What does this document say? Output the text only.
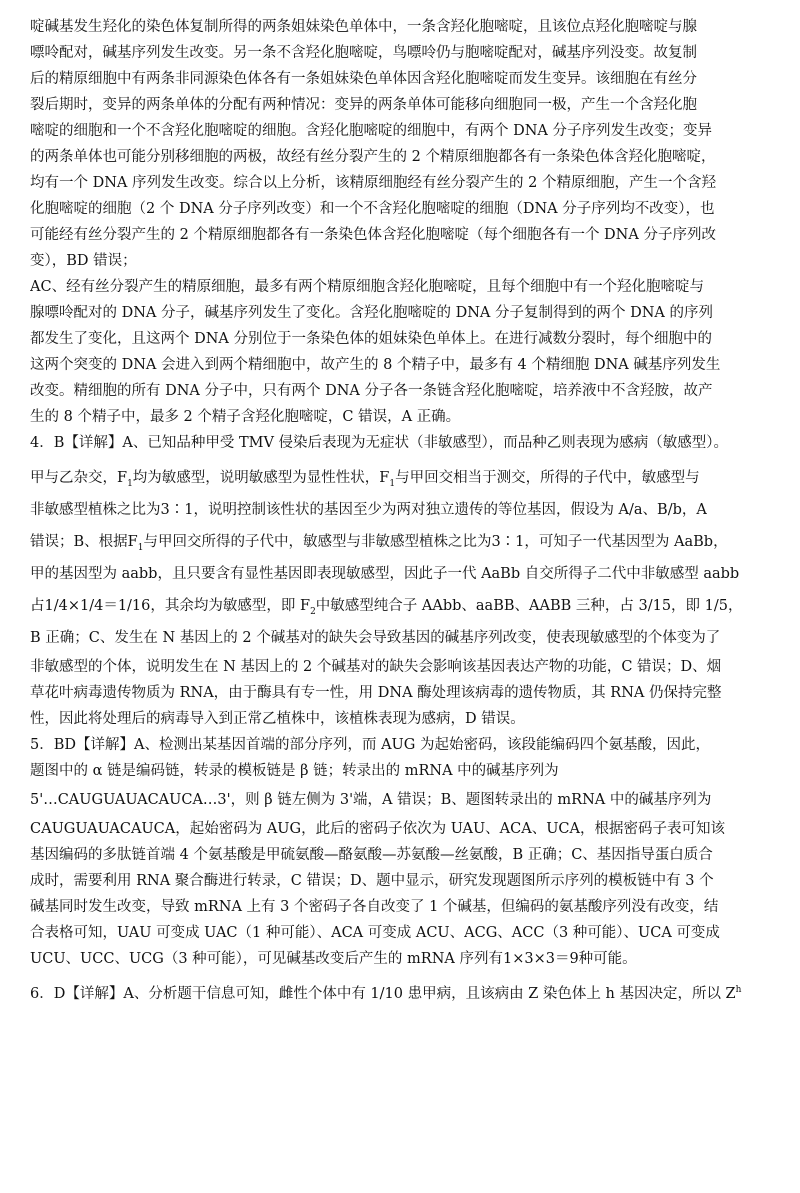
啶碱基发生羟化的染色体复制所得的两条姐妹染色单体中，一条含羟化胞嘧啶，且该位点羟化胞嘧啶与腺
嘌呤配对，碱基序列发生改变。另一条不含羟化胞嘧啶，鸟嘌呤仍与胞嘧啶配对，碱基序列没变。故复制
后的精原细胞中有两条非同源染色体各有一条姐妹染色单体因含羟化胞嘧啶而发生变异。该细胞在有丝分
裂后期时，变异的两条单体的分配有两种情况：变异的两条单体可能移向细胞同一极，产生一个含羟化胞
嘧啶的细胞和一个不含羟化胞嘧啶的细胞。含羟化胞嘧啶的细胞中，有两个 DNA 分子序列发生改变；变异
的两条单体也可能分别移细胞的两极，故经有丝分裂产生的 2 个精原细胞都各有一条染色体含羟化胞嘧啶，
均有一个 DNA 序列发生改变。综合以上分析，该精原细胞经有丝分裂产生的 2 个精原细胞，产生一个含羟
化胞嘧啶的细胞（2 个 DNA 分子序列改变）和一个不含羟化胞嘧啶的细胞（DNA 分子序列均不改变），也
可能经有丝分裂产生的 2 个精原细胞都各有一条染色体含羟化胞嘧啶（每个细胞各有一个 DNA 分子序列改
变），BD 错误；
AC、经有丝分裂产生的精原细胞，最多有两个精原细胞含羟化胞嘧啶，且每个细胞中有一个羟化胞嘧啶与
腺嘌呤配对的 DNA 分子，碱基序列发生了变化。含羟化胞嘧啶的 DNA 分子复制得到的两个 DNA 的序列
都发生了变化，且这两个 DNA 分别位于一条染色体的姐妹染色单体上。在进行减数分裂时，每个细胞中的
这两个突变的 DNA 会进入到两个精细胞中，故产生的 8 个精子中，最多有 4 个精细胞 DNA 碱基序列发生
改变。精细胞的所有 DNA 分子中，只有两个 DNA 分子各一条链含羟化胞嘧啶，培养液中不含羟胺，故产
生的 8 个精子中，最多 2 个精子含羟化胞嘧啶，C 错误，A 正确。
4．B【详解】A、已知品种甲受 TMV 侵染后表现为无症状（非敏感型），而品种乙则表现为感病（敏感型）。
甲与乙杂交，$F_1$均为敏感型，说明敏感型为显性性状，$F_1$与甲回交相当于测交，所得的子代中，敏感型与
非敏感型植株之比为3∶1，说明控制该性状的基因至少为两对独立遗传的等位基因，假设为 A/a、B/b，A
错误；B、根据$F_1$与甲回交所得的子代中，敏感型与非敏感型植株之比为3∶1，可知子一代基因型为 AaBb，
甲的基因型为 aabb，且只要含有显性基因即表现敏感型，因此子一代 AaBb 自交所得子二代中非敏感型 aabb
占1/4×1/4＝1/16，其余均为敏感型，即 $F_2$中敏感型纯合子 AAbb、aaBB、AABB 三种，占 3/15，即 1/5，
B 正确；C、发生在 N 基因上的 2 个碱基对的缺失会导致基因的碱基序列改变，使表现敏感型的个体变为了
非敏感型的个体，说明发生在 N 基因上的 2 个碱基对的缺失会影响该基因表达产物的功能，C 错误；D、烟
草花叶病毒遗传物质为 RNA，由于酶具有专一性，用 DNA 酶处理该病毒的遗传物质，其 RNA 仍保持完整
性，因此将处理后的病毒导入到正常乙植株中，该植株表现为感病，D 错误。
5．BD【详解】A、检测出某基因首端的部分序列，而 AUG 为起始密码，该段能编码四个氨基酸，因此，
题图中的 α 链是编码链，转录的模板链是 β 链；转录出的 mRNA 中的碱基序列为
5'…CAUGUAUACAUCA…3'，则 β 链左侧为 3'端，A 错误；B、题图转录出的 mRNA 中的碱基序列为
CAUGUAUACAUCA，起始密码为 AUG，此后的密码子依次为 UAU、ACA、UCA，根据密码子表可知该
基因编码的多肽链首端 4 个氨基酸是甲硫氨酸—酪氨酸—苏氨酸—丝氨酸，B 正确；C、基因指导蛋白质合
成时，需要利用 RNA 聚合酶进行转录，C 错误；D、题中显示，研究发现题图所示序列的模板链中有 3 个
碱基同时发生改变，导致 mRNA 上有 3 个密码子各自改变了 1 个碱基，但编码的氨基酸序列没有改变，结
合表格可知，UAU 可变成 UAC（1 种可能）、ACA 可变成 ACU、ACG、ACC（3 种可能）、UCA 可变成
UCU、UCC、UCG（3 种可能），可见碱基改变后产生的 mRNA 序列有1×3×3＝9种可能。
6．D【详解】A、分析题干信息可知，雌性个体中有 1/10 患甲病，且该病由 Z 染色体上 h 基因决定，所以 $Z^h$
